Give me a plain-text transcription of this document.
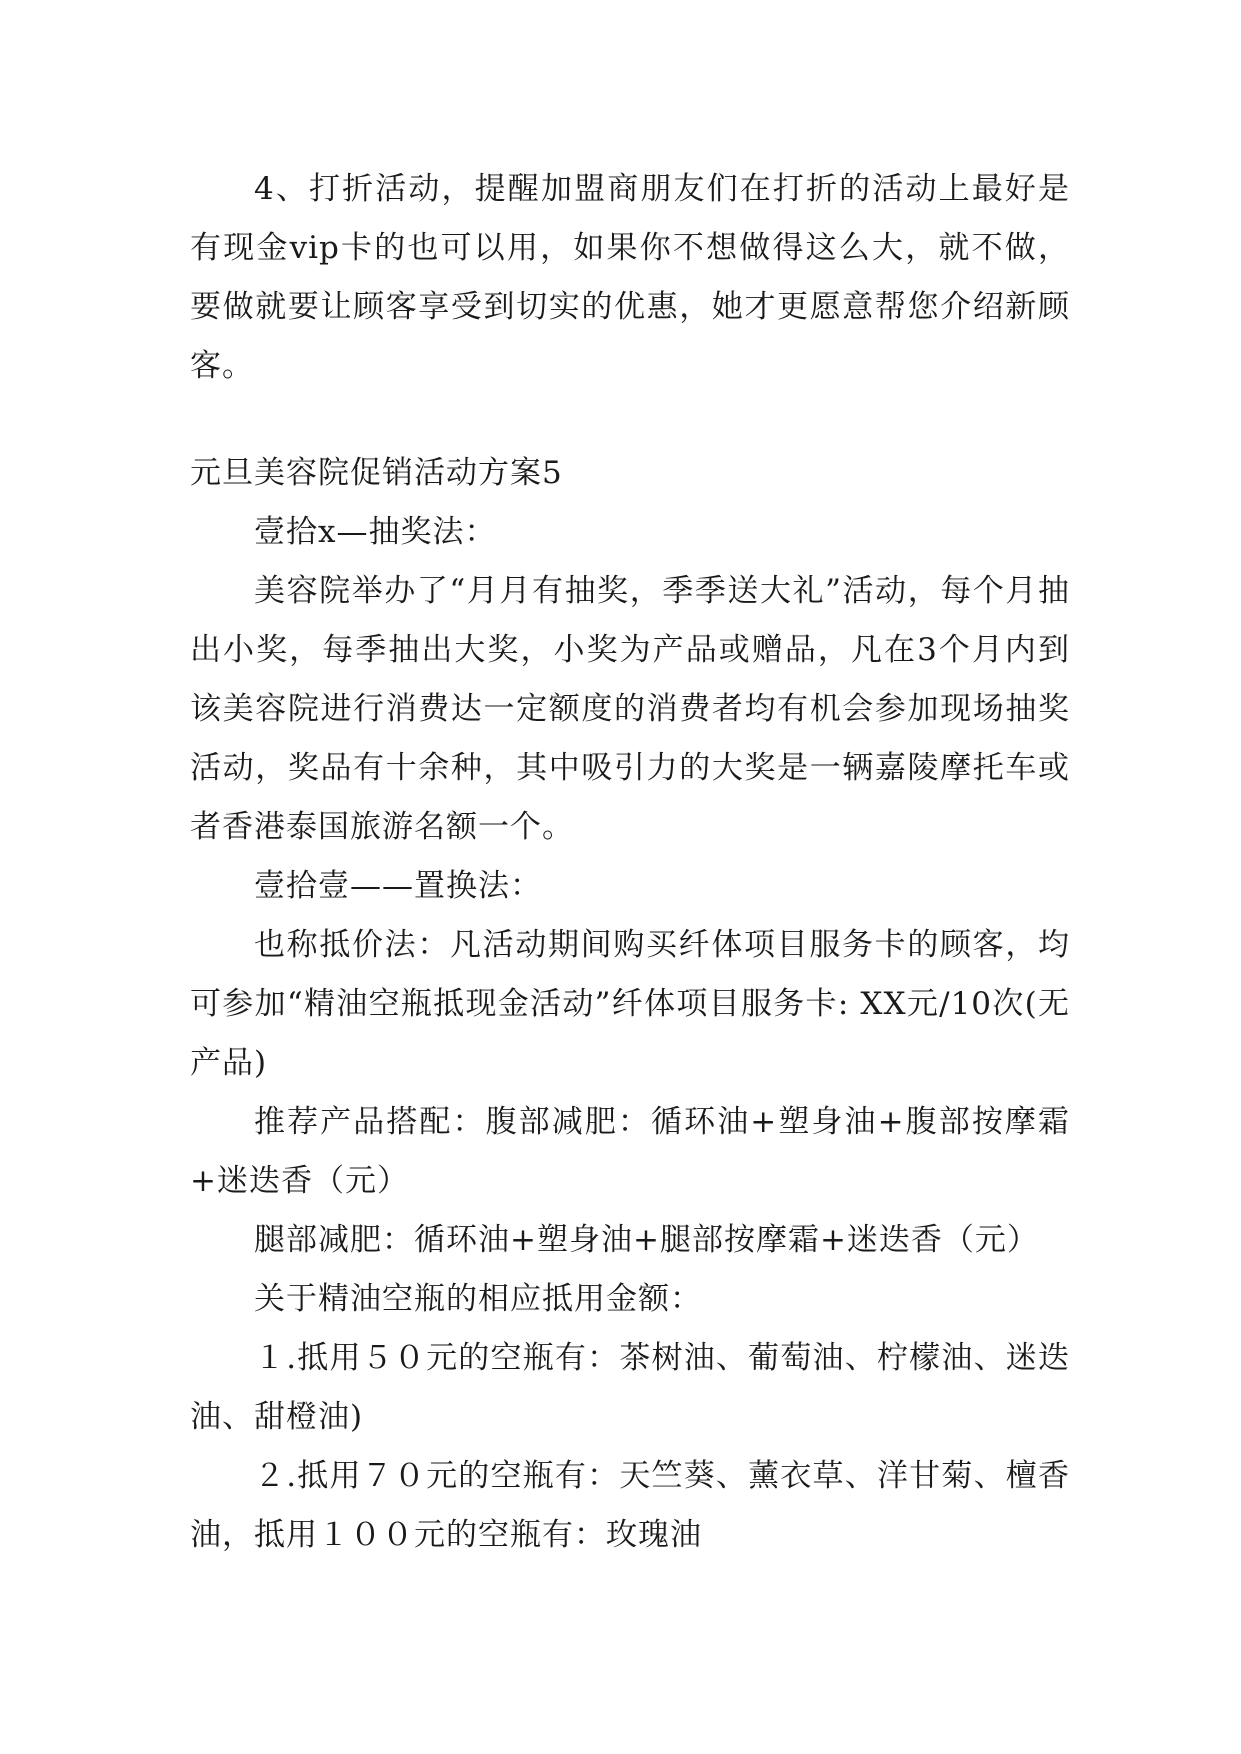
4、打折活动，提醒加盟商朋友们在打折的活动上最好是有现金vip卡的也可以用，如果你不想做得这么大，就不做，要做就要让顾客享受到切实的优惠，她才更愿意帮您介绍新顾客。

元旦美容院促销活动方案5

壹拾x—抽奖法：

美容院举办了“月月有抽奖，季季送大礼”活动，每个月抽出小奖，每季抽出大奖，小奖为产品或赠品，凡在3个月内到该美容院进行消费达一定额度的消费者均有机会参加现场抽奖活动，奖品有十余种，其中吸引力的大奖是一辆嘉陵摩托车或者香港泰国旅游名额一个。

壹拾壹——置换法：

也称抵价法：凡活动期间购买纤体项目服务卡的顾客，均可参加“精油空瓶抵现金活动”纤体项目服务卡: XX元/10次(无产品)

推荐产品搭配：腹部减肥：循环油+塑身油+腹部按摩霜+迷迭香（元）

腿部减肥：循环油+塑身油+腿部按摩霜+迷迭香（元）

关于精油空瓶的相应抵用金额：

１.抵用５０元的空瓶有：茶树油、葡萄油、柠檬油、迷迭油、甜橙油)

２.抵用７０元的空瓶有：天竺葵、薰衣草、洋甘菊、檀香油，抵用１００元的空瓶有：玫瑰油
